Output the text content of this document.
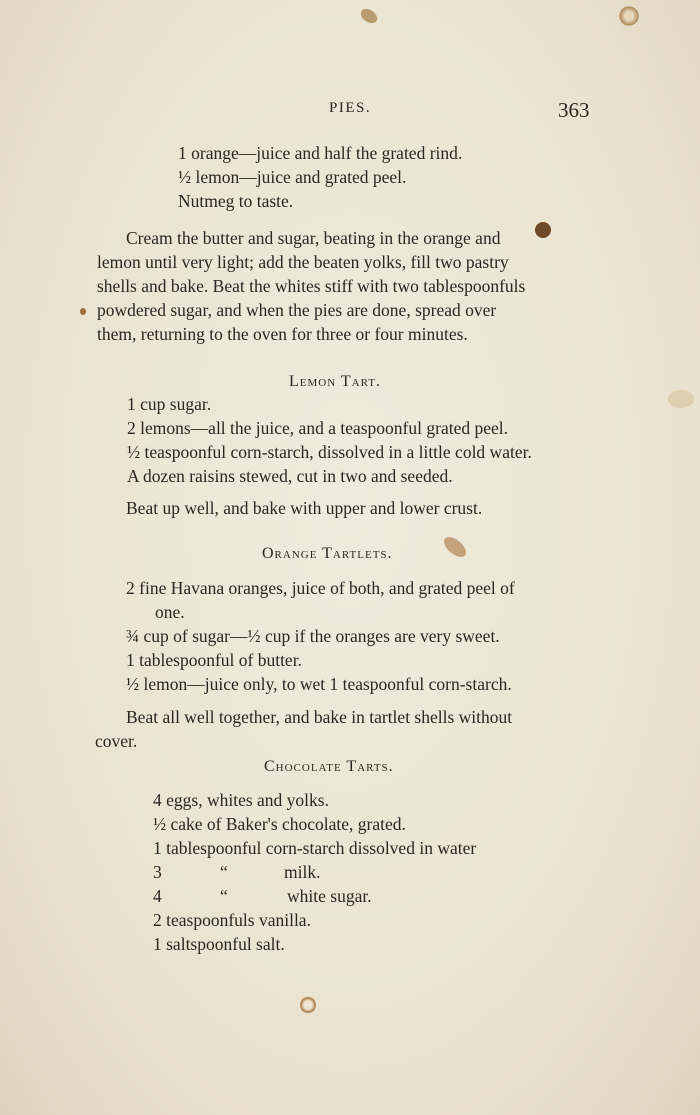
PIES.	363
1 orange—juice and half the grated rind.
½ lemon—juice and grated peel.
Nutmeg to taste.
Cream the butter and sugar, beating in the orange and
lemon until very light; add the beaten yolks, fill two pastry
shells and bake. Beat the whites stiff with two tablespoonfuls
powdered sugar, and when the pies are done, spread over
them, returning to the oven for three or four minutes.
Lemon Tart.
1 cup sugar.
2 lemons—all the juice, and a teaspoonful grated peel.
½ teaspoonful corn-starch, dissolved in a little cold water.
A dozen raisins stewed, cut in two and seeded.
Beat up well, and bake with upper and lower crust.
Orange Tartlets.
2 fine Havana oranges, juice of both, and grated peel of
one.
¾ cup of sugar—½ cup if the oranges are very sweet.
1 tablespoonful of butter.
½ lemon—juice only, to wet 1 teaspoonful corn-starch.
Beat all well together, and bake in tartlet shells without
cover.
Chocolate Tarts.
4 eggs, whites and yolks.
½ cake of Baker's chocolate, grated.
1 tablespoonful corn-starch dissolved in water
3	“	milk.
4	“	white sugar.
2 teaspoonfuls vanilla.
1 saltspoonful salt.
